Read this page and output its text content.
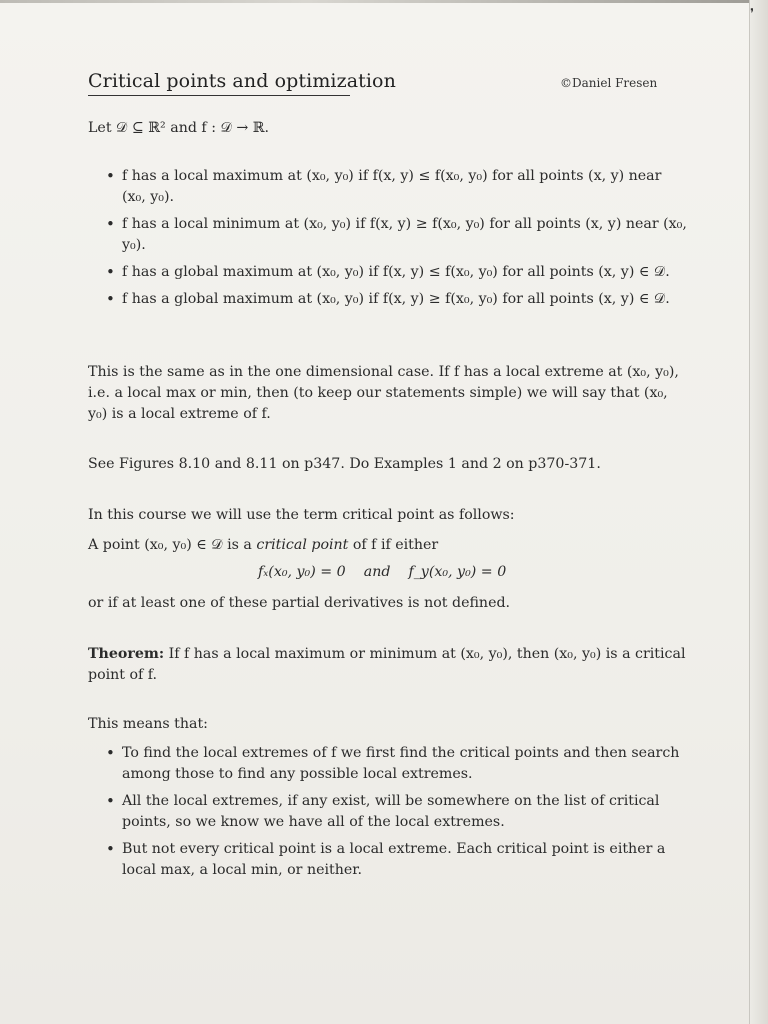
❜
Critical points and optimization	©Daniel Fresen
Let 𝒟 ⊆ ℝ² and f : 𝒟 → ℝ.
• f has a local maximum at (x₀, y₀) if f(x, y) ≤ f(x₀, y₀) for all points (x, y) near (x₀, y₀).
• f has a local minimum at (x₀, y₀) if f(x, y) ≥ f(x₀, y₀) for all points (x, y) near (x₀, y₀).
• f has a global maximum at (x₀, y₀) if f(x, y) ≤ f(x₀, y₀) for all points (x, y) ∈ 𝒟.
• f has a global maximum at (x₀, y₀) if f(x, y) ≥ f(x₀, y₀) for all points (x, y) ∈ 𝒟.
This is the same as in the one dimensional case. If f has a local extreme at (x₀, y₀), i.e. a local max or min, then (to keep our statements simple) we will say that (x₀, y₀) is a local extreme of f.
See Figures 8.10 and 8.11 on p347. Do Examples 1 and 2 on p370-371.
In this course we will use the term critical point as follows:
A point (x₀, y₀) ∈ 𝒟 is a critical point of f if either
fₓ(x₀, y₀) = 0    and    f_y(x₀, y₀) = 0
or if at least one of these partial derivatives is not defined.
Theorem: If f has a local maximum or minimum at (x₀, y₀), then (x₀, y₀) is a critical point of f.
This means that:
• To find the local extremes of f we first find the critical points and then search among those to find any possible local extremes.
• All the local extremes, if any exist, will be somewhere on the list of critical points, so we know we have all of the local extremes.
• But not every critical point is a local extreme. Each critical point is either a local max, a local min, or neither.
